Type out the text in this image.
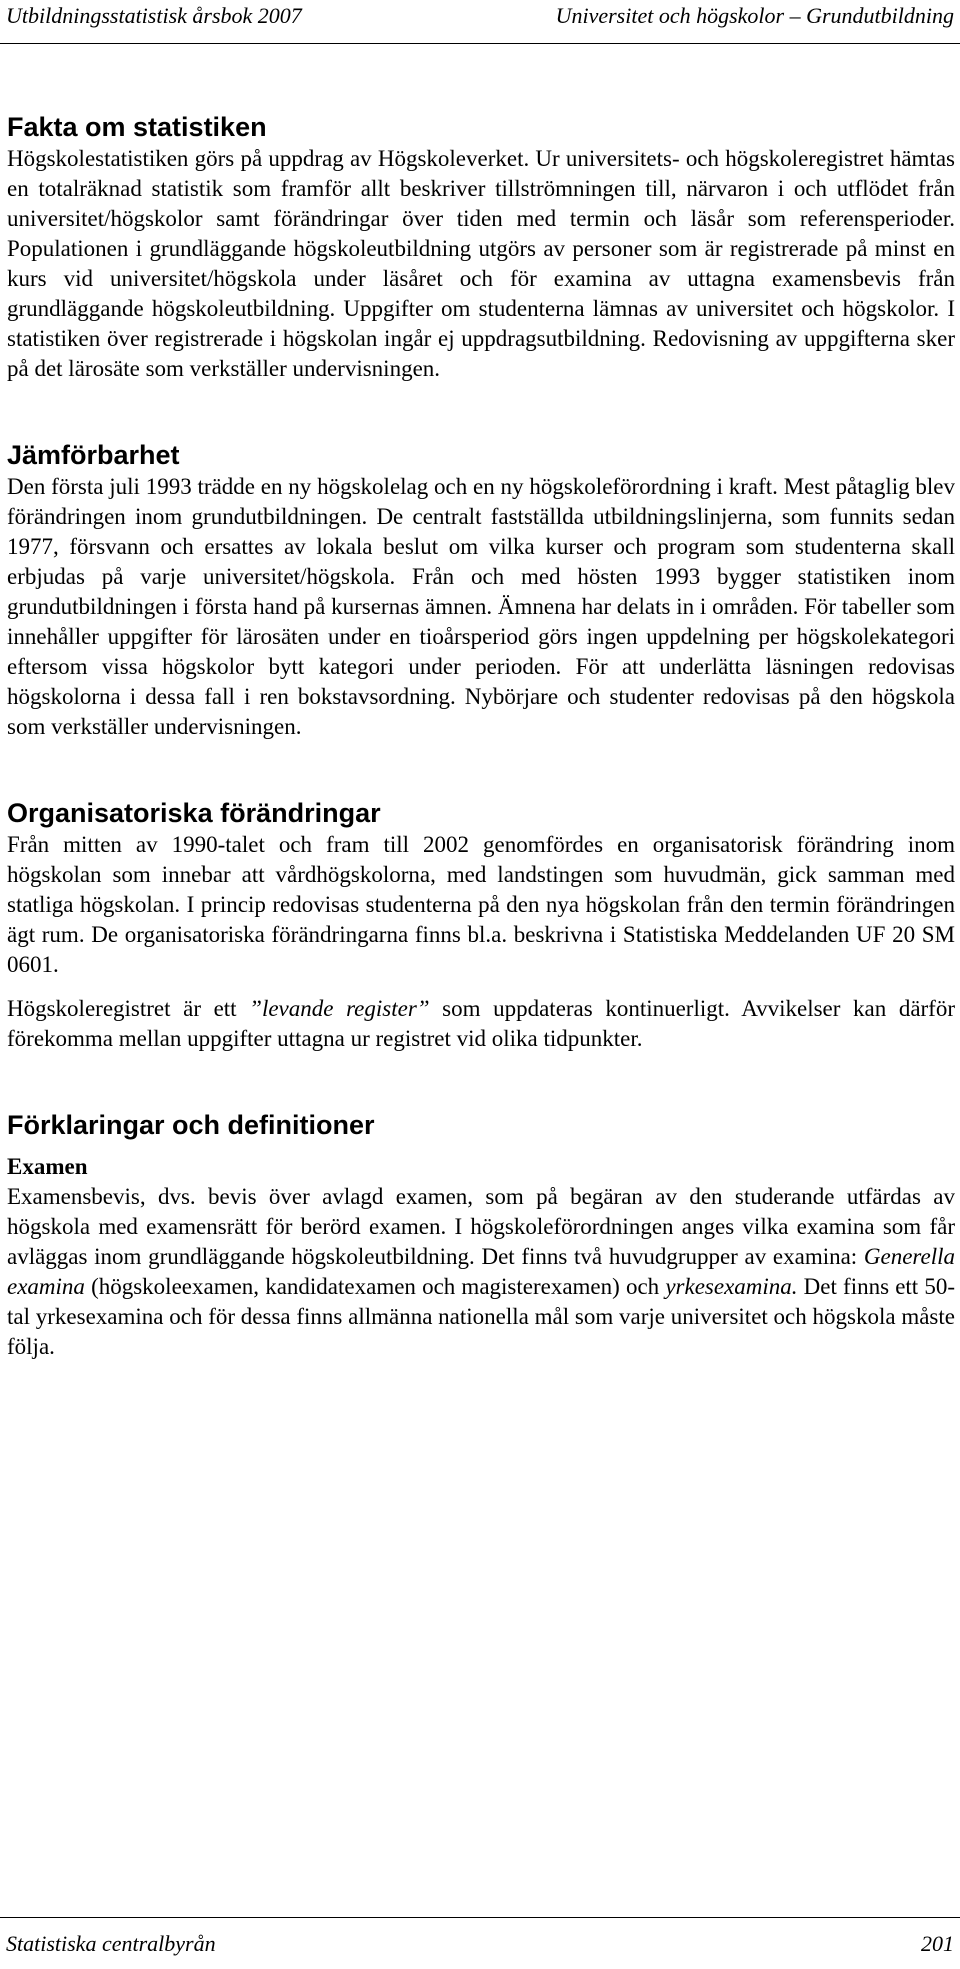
Utbildningsstatistisk årsbok 2007	Universitet och högskolor – Grundutbildning
Fakta om statistiken

Högskolestatistiken görs på uppdrag av Högskoleverket. Ur universitets- och högskoleregistret hämtas en totalräknad statistik som framför allt beskriver tillströmningen till, närvaron i och utflödet från universitet/högskolor samt förändringar över tiden med termin och läsår som referensperioder. Populationen i grundläggande högskoleutbildning utgörs av personer som är registrerade på minst en kurs vid universitet/högskola under läsåret och för examina av uttagna examensbevis från grundläggande högskoleutbildning. Uppgifter om studenterna lämnas av universitet och högskolor. I statistiken över registrerade i högskolan ingår ej uppdragsutbildning. Redovisning av uppgifterna sker på det lärosäte som verkställer undervisningen.

Jämförbarhet

Den första juli 1993 trädde en ny högskolelag och en ny högskoleförordning i kraft. Mest påtaglig blev förändringen inom grundutbildningen. De centralt fastställda utbildningslinjerna, som funnits sedan 1977, försvann och ersattes av lokala beslut om vilka kurser och program som studenterna skall erbjudas på varje universitet/högskola. Från och med hösten 1993 bygger statistiken inom grundutbildningen i första hand på kursernas ämnen. Ämnena har delats in i områden. För tabeller som innehåller uppgifter för lärosäten under en tioårsperiod görs ingen uppdelning per högskolekategori eftersom vissa högskolor bytt kategori under perioden. För att underlätta läsningen redovisas högskolorna i dessa fall i ren bokstavsordning. Nybörjare och studenter redovisas på den högskola som verkställer undervisningen.

Organisatoriska förändringar

Från mitten av 1990-talet och fram till 2002 genomfördes en organisatorisk förändring inom högskolan som innebar att vårdhögskolorna, med landstingen som huvudmän, gick samman med statliga högskolan. I princip redovisas studenterna på den nya högskolan från den termin förändringen ägt rum. De organisatoriska förändringarna finns bl.a. beskrivna i Statistiska Meddelanden UF 20 SM 0601.

Högskoleregistret är ett ”levande register” som uppdateras kontinuerligt. Avvikelser kan därför förekomma mellan uppgifter uttagna ur registret vid olika tidpunkter.

Förklaringar och definitioner
Examen

Examensbevis, dvs. bevis över avlagd examen, som på begäran av den studerande utfärdas av högskola med examensrätt för berörd examen. I högskoleförordningen anges vilka examina som får avläggas inom grundläggande högskoleutbildning. Det finns två huvudgrupper av examina: Generella examina (högskoleexamen, kandidatexamen och magisterexamen) och yrkesexamina. Det finns ett 50-tal yrkesexamina och för dessa finns allmänna nationella mål som varje universitet och högskola måste följa.

Statistiska centralbyrån	201
